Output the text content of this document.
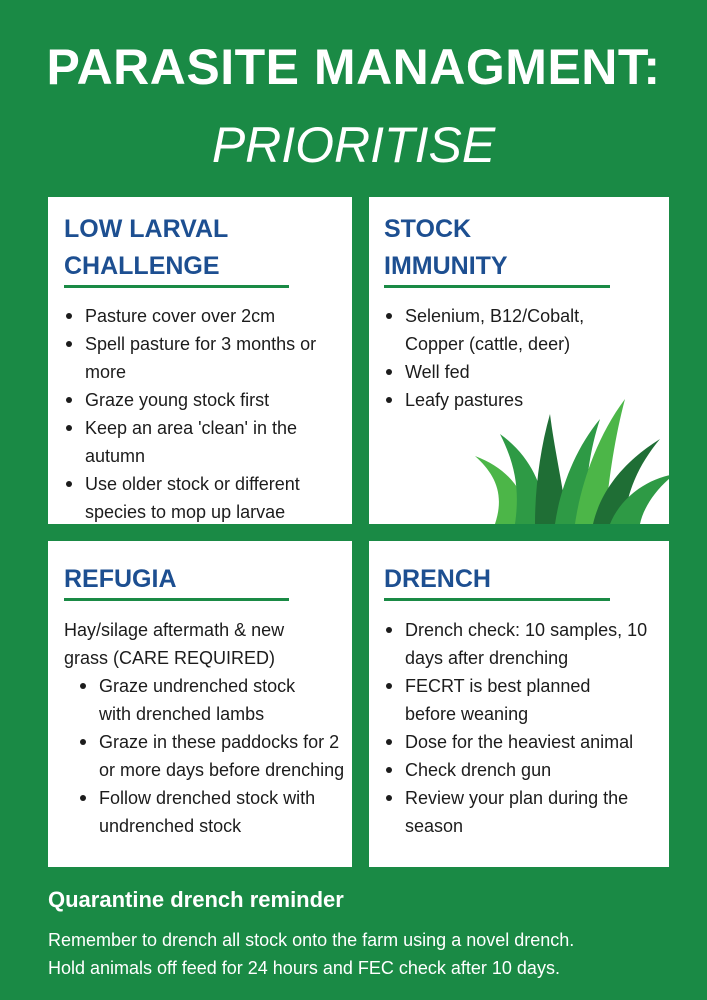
PARASITE MANAGMENT:
PRIORITISE
LOW LARVAL
CHALLENGE
Pasture cover over 2cm
Spell pasture for 3 months or more
Graze young stock first
Keep an area 'clean' in the autumn
Use older stock or different species to mop up larvae
STOCK
IMMUNITY
Selenium, B12/Cobalt, Copper (cattle, deer)
Well fed
Leafy pastures
REFUGIA

Hay/silage aftermath & new grass (CARE REQUIRED)

Graze undrenched stock with drenched lambs
Graze in these paddocks for 2 or more days before drenching
Follow drenched stock with undrenched stock
DRENCH
Drench check: 10 samples, 10 days after drenching
FECRT is best planned before weaning
Dose for the heaviest animal
Check drench gun
Review your plan during the season
Quarantine drench reminder
Remember to drench all stock onto the farm using a novel drench.
Hold animals off feed for 24 hours and FEC check after 10 days.
